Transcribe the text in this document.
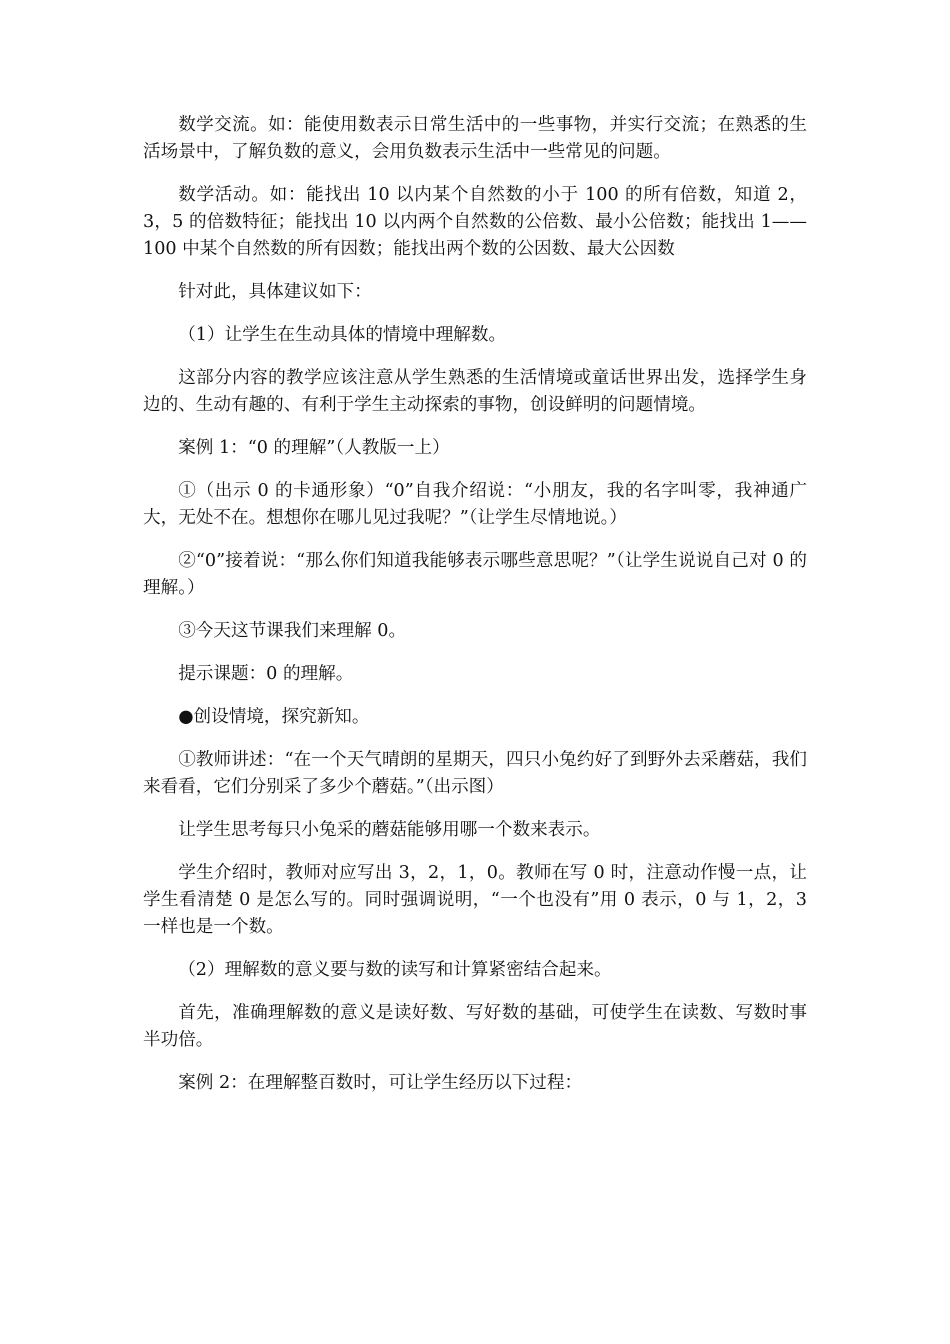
数学交流。如：能使用数表示日常生活中的一些事物，并实行交流；在熟悉的生活场景中，了解负数的意义，会用负数表示生活中一些常见的问题。

数学活动。如：能找出 10 以内某个自然数的小于 100 的所有倍数，知道 2，3，5 的倍数特征；能找出 10 以内两个自然数的公倍数、最小公倍数；能找出 1——100 中某个自然数的所有因数；能找出两个数的公因数、最大公因数

针对此，具体建议如下：

（1）让学生在生动具体的情境中理解数。

这部分内容的教学应该注意从学生熟悉的生活情境或童话世界出发，选择学生身边的、生动有趣的、有利于学生主动探索的事物，创设鲜明的问题情境。

案例 1：“0 的理解”（人教版一上）

①（出示 0 的卡通形象）“0”自我介绍说：“小朋友，我的名字叫零，我神通广大，无处不在。想想你在哪儿见过我呢？”（让学生尽情地说。）

②“0”接着说：“那么你们知道我能够表示哪些意思呢？”（让学生说说自己对 0 的理解。）

③今天这节课我们来理解 0。

提示课题：0 的理解。

●创设情境，探究新知。

①教师讲述：“在一个天气晴朗的星期天，四只小兔约好了到野外去采蘑菇，我们来看看，它们分别采了多少个蘑菇。”（出示图）

让学生思考每只小兔采的蘑菇能够用哪一个数来表示。

学生介绍时，教师对应写出 3，2，1，0。教师在写 0 时，注意动作慢一点，让学生看清楚 0 是怎么写的。同时强调说明，“一个也没有”用 0 表示，0 与 1，2，3 一样也是一个数。

（2）理解数的意义要与数的读写和计算紧密结合起来。

首先，准确理解数的意义是读好数、写好数的基础，可使学生在读数、写数时事半功倍。

案例 2：在理解整百数时，可让学生经历以下过程：
